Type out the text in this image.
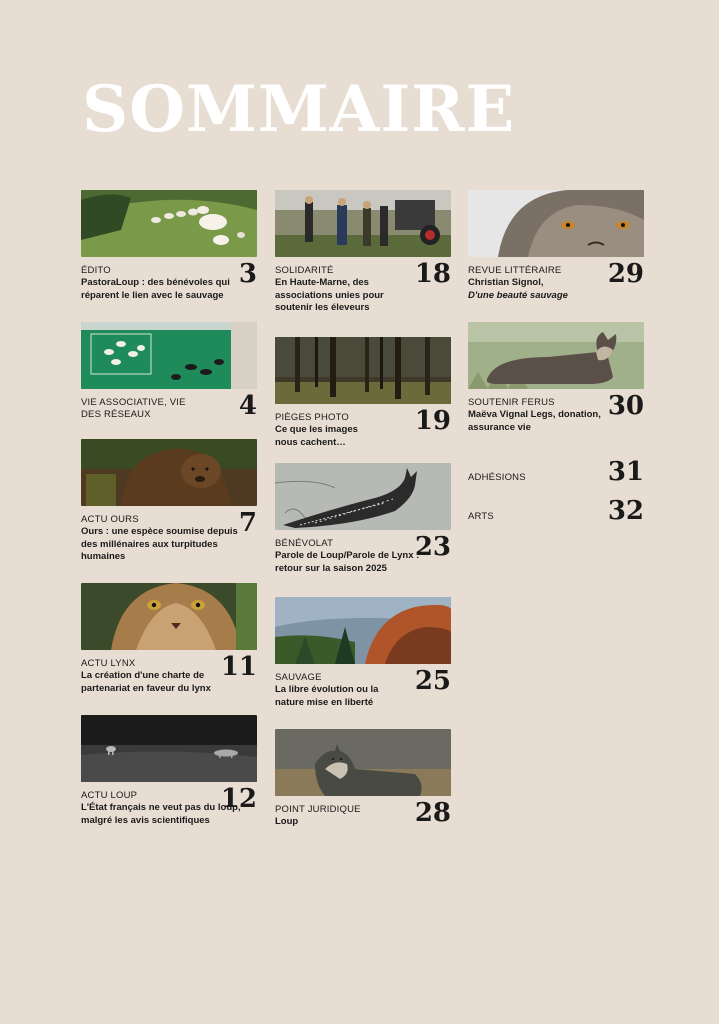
SOMMAIRE
3
ÉDITO
PastoraLoup : des bénévoles qui réparent le lien avec le sauvage
4
VIE ASSOCIATIVE, VIE DES RÉSEAUX
7
ACTU OURS
Ours : une espèce soumise depuis des millénaires aux turpitudes humaines
11
ACTU LYNX
La création d'une charte de partenariat en faveur du lynx
12
ACTU LOUP
L'État français ne veut pas du loup, malgré les avis scientifiques
18
SOLIDARITÉ
En Haute-Marne, des associations unies pour soutenir les éleveurs
19
PIÈGES PHOTO
Ce que les images nous cachent…
23
BÉNÉVOLAT
Parole de Loup/Parole de Lynx : retour sur la saison 2025
25
SAUVAGE
La libre évolution ou la nature mise en liberté
28
POINT JURIDIQUE
Loup
29
REVUE LITTÉRAIRE
Christian Signol,
D'une beauté sauvage
30
SOUTENIR FERUS
Maëva Vignal Legs, donation, assurance vie
31
ADHÉSIONS
32
ARTS
